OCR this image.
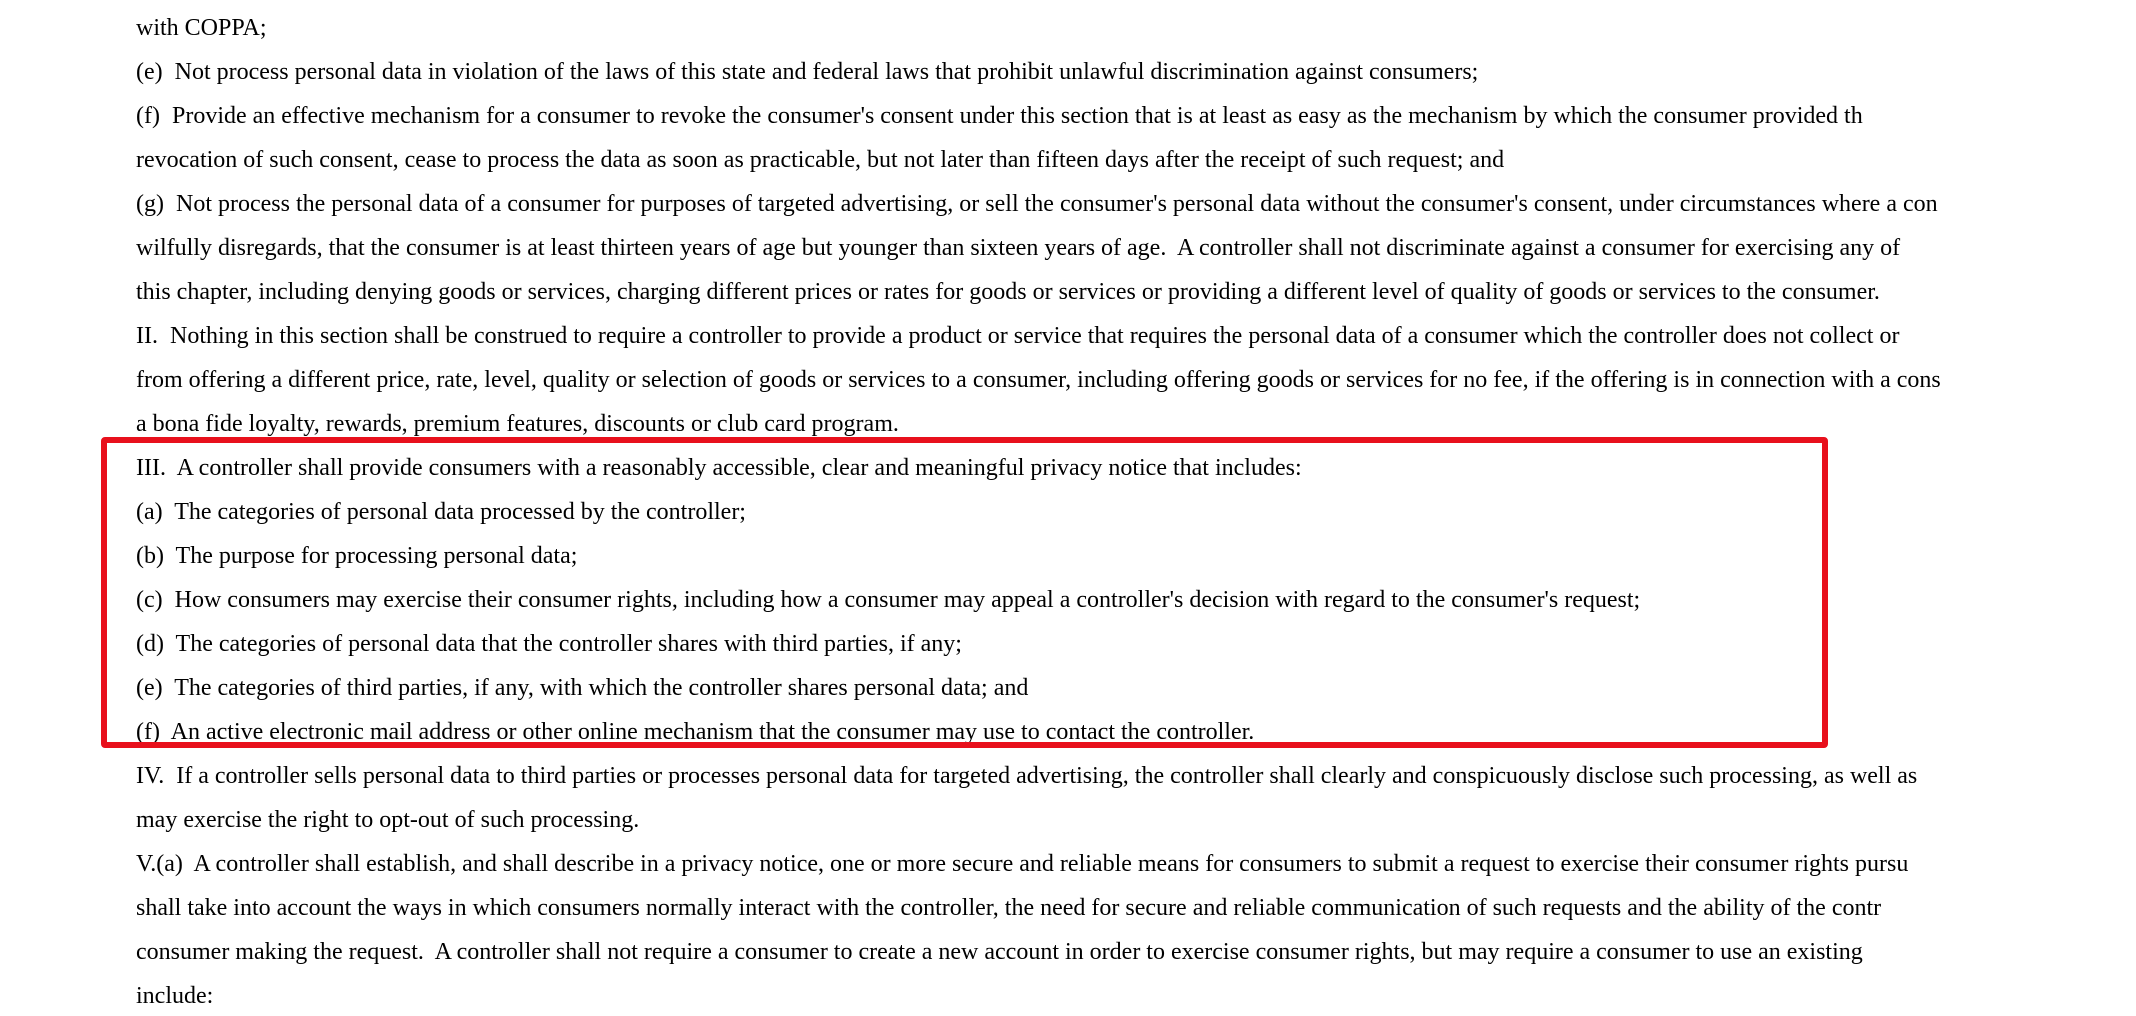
with COPPA;
(e)  Not process personal data in violation of the laws of this state and federal laws that prohibit unlawful discrimination against consumers;
(f)  Provide an effective mechanism for a consumer to revoke the consumer's consent under this section that is at least as easy as the mechanism by which the consumer provided th
revocation of such consent, cease to process the data as soon as practicable, but not later than fifteen days after the receipt of such request; and
(g)  Not process the personal data of a consumer for purposes of targeted advertising, or sell the consumer's personal data without the consumer's consent, under circumstances where a con
wilfully disregards, that the consumer is at least thirteen years of age but younger than sixteen years of age.  A controller shall not discriminate against a consumer for exercising any of
this chapter, including denying goods or services, charging different prices or rates for goods or services or providing a different level of quality of goods or services to the consumer.
II.  Nothing in this section shall be construed to require a controller to provide a product or service that requires the personal data of a consumer which the controller does not collect or
from offering a different price, rate, level, quality or selection of goods or services to a consumer, including offering goods or services for no fee, if the offering is in connection with a cons
a bona fide loyalty, rewards, premium features, discounts or club card program.
III.  A controller shall provide consumers with a reasonably accessible, clear and meaningful privacy notice that includes:
(a)  The categories of personal data processed by the controller;
(b)  The purpose for processing personal data;
(c)  How consumers may exercise their consumer rights, including how a consumer may appeal a controller's decision with regard to the consumer's request;
(d)  The categories of personal data that the controller shares with third parties, if any;
(e)  The categories of third parties, if any, with which the controller shares personal data; and
(f)  An active electronic mail address or other online mechanism that the consumer may use to contact the controller.
IV.  If a controller sells personal data to third parties or processes personal data for targeted advertising, the controller shall clearly and conspicuously disclose such processing, as well as
may exercise the right to opt-out of such processing.
V.(a)  A controller shall establish, and shall describe in a privacy notice, one or more secure and reliable means for consumers to submit a request to exercise their consumer rights pursu
shall take into account the ways in which consumers normally interact with the controller, the need for secure and reliable communication of such requests and the ability of the contr
consumer making the request.  A controller shall not require a consumer to create a new account in order to exercise consumer rights, but may require a consumer to use an existing
include:
